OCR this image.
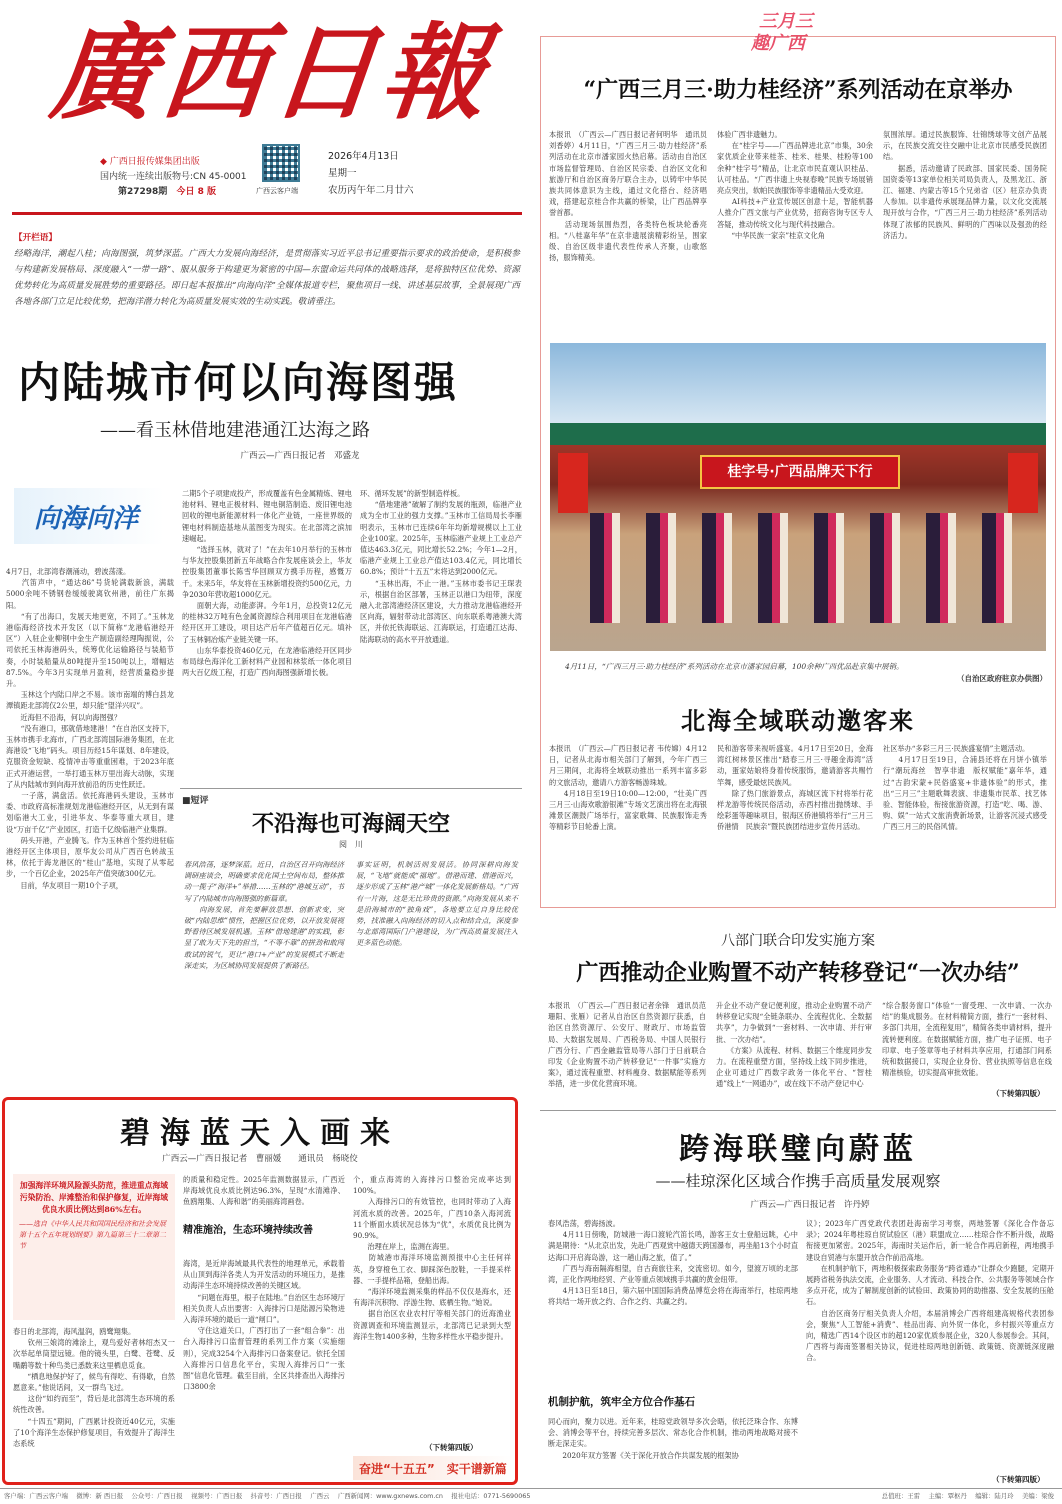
廣西日報
◆ 广西日报传媒集团出版
国内统一连续出版物号:CN 45-0001
第27298期 今日 8 版	广西云客户端
2026年4月13日
星期一
农历丙午年二月廿六
【开栏语】
经略海洋，潮起八桂；向海图强，筑梦深蓝。广西大力发展向海经济，是贯彻落实习近平总书记重要指示要求的政治使命，是积极参与构建新发展格局、深度融入“一带一路”、服从服务于构建更为紧密的中国—东盟命运共同体的战略选择，是将独特区位优势、资源优势转化为高质量发展胜势的重要路径。即日起本报推出“向海向洋”全媒体报道专栏，聚焦项目一线、讲述基层故事，全景展现广西各地各部门立足比较优势，把海洋潜力转化为高质量发展实效的生动实践。敬请垂注。
内陆城市何以向海图强
——看玉林借地建港通江达海之路
广西云—广西日报记者　邓盛龙
向海向洋
4月7日，北部湾春潮涌动，碧波荡漾。
　　汽笛声中，“通达86”号货轮满载新浪，满载5000余吨不锈钢卷缓缓驶离钦州港，前往广东揭阳。
　　“有了出海口，发展天地更宽，不同了。”玉林龙港临海经济技术开发区（以下简称“龙港临港经开区”）入驻企业柳钢中金生产制造副经理陶振说，公司依托玉林海港码头，统筹优化运输路径与装船节奏，小时装船量从80吨提升至150吨以上，增幅达87.5%。今年3月实现单月盈利，经营质量稳步提升。
　　玉林这个内陆口岸之不易。该市南端的博白县龙潭镇距北部湾仅2公里，却只能“望洋兴叹”。
　　近海但不沿海，何以向海图强？
　　“没有港口，那就借地建港！”在自治区支持下，玉林市携手北海市，广西北部湾国际港务集团，在北海港设“飞地”码头。项目历经15年谋划、8年建设，克服资金短缺、疫情冲击等重重困难，于2023年底正式开港运营，一举打通玉林万里出海大动脉，实现了从内陆城市到向海开放前沿的历史性跃迁。
　　一子落，满盘活。依托海港码头建设，玉林市委、市政府高标准规划龙港临港经开区，从无到有谋划临港大工业，引进华友、华泰等重大项目，建设“万亩千亿”产业园区，打造千亿级临港产业集群。
　　码头开港，产业腾飞。作为玉林首个签约进驻临港经开区主体项目，原华友公司从广西百色转战玉林，依托于海龙港区的“桂山”基地，实现了从零起步，一个百亿企业，2025年产值突破300亿元。
　　目前，华友项目一期10个子项，
二期5个子项建成投产，形成覆盖有色金属精炼、锂电池材料、锂电正极材料、锂电铜箔制造、废旧锂电池回收的锂电新能源材料一体化产业链，一座世界级的锂电材料制造基地从蓝图变为现实。在北部湾之滨加速崛起。
　　“选择玉林，就对了！”在去年10月举行的玉林市与华友控股集团新五年战略合作发展座谈会上，华友控股集团董事长陈雪华回顾双方携手历程，感慨万千。未来5年，华友将在玉林新增投资约500亿元，力争2030年营收超1000亿元。
　　面朝大海，动能澎湃。今年1月，总投资12亿元的桂林32万吨有色金属资源综合利用项目在龙港临港经开区开工建设，项目达产后年产值超百亿元。填补了玉林铜冶炼产业链关键一环。
　　山东华泰投资460亿元，在龙港临港经开区同步布局绿色海洋化工新材料产业园和林浆纸一体化项目两大百亿级工程，打造广西向海图强新增长极。
环、循环发展”的新型制造样板。
　　“借地建港”破解了制约发展的瓶颈，临港产业成为全市工业的强力支撑。”玉林市工信局局长李雁明表示，玉林市已连续6年年均新增规模以上工业企业100家。2025年，玉林临港产业规上工业总产值达463.3亿元，同比增长52.2%；今年1—2月，临港产业规上工业总产值达103.4亿元，同比增长60.8%；预计“十五五”末将达到2000亿元。
　　“玉林出海，不止一港。”玉林市委书记王琛表示，根据自治区部署，玉林正以港口为纽带，深度融入北部湾港经济区建设，大力推动龙港临港经开区向海，辐射带动北部湾区、向东联系粤港澳大湾区，并依托铁海联运、江海联运，打造通江达海、陆海联动的高水平开放通道。
■短评
不沿海也可海阔天空
阅　川
春风浩荡，逐梦深蓝。近日，自治区召开向海经济调研座谈会，明确要求优化国土空间布局，整体推动一揽子“海洋+”举措……玉林的“港城互动”，书写了内陆城市向海图强的新篇章。
　　向海发展，首先要解放思想、创新求变，突破“内陆思维”惯性，把握区位优势，以开放发展视野看待区域发展机遇。玉林“借地建港”的实践，彰显了敢为天下先的担当，“不等不靠”的拼劲和敢闯敢试的锐气，更让“港口+产业”的发展模式不断走深走实，为区域协同发展提供了新路径。
事实证明，机制活则发展活。协同深耕向海发展，“飞地”就能成“福地”。借港而建、借港而兴，逐步形成了玉林“港产城”一体化发展新格局。“广西有一片海，这是无比珍贵的资源。”向海发展从来不是沿海城市的“独角戏”，各地要立足自身比较优势，找准融入向海经济的切入点和结合点，深度参与北部湾国际门户港建设，为广西高质量发展注入更多蓝色动能。
碧海蓝天入画来
广西云—广西日报记者　曹丽媛　　通讯员　杨晓佼
加强海洋环境风险源头防范，推进重点海域污染防治、岸滩整治和保护修复，近岸海域优良水质比例达到86%左右。
——选自《中华人民共和国国民经济和社会发展第十五个五年规划纲要》第九篇第三十二章第二节
春日的北部湾，海风温润，鸥鹭翔集。
　　钦州三娘湾的滩涂上，观鸟爱好者林绍杰又一次举起单筒望远镜。他的镜头里，白鹭、苍鹭、反嘴鹬等数十种鸟类已悉数来这里栖息觅食。
　　“栖息地保护好了，候鸟有得吃、有得歇，自然愿意来。”他说话间，又一群鸟飞过。
　　这份“如约而至”，背后是北部湾生态环境的系统性改善。
　　“十四五”期间，广西累计投资近40亿元，实施了10个海洋生态保护修复项目，有效提升了海洋生态系统
的质量和稳定性。2025年监测数据显示，广西近岸海域优良水质比例达96.3%，呈现“水清滩净、鱼鸥翔集、人海和谐”的美丽海湾画卷。
精准施治，生态环境持续改善
海湾，是近岸海域最具代表性的地理单元，承载着从山顶到海洋各类人为开发活动的环境压力，是推动海洋生态环境持续改善的关键区域。
　　“问题在海里，根子在陆地。”自治区生态环境厅相关负责人点出要害：入海排污口是陆源污染物进入海洋环境的最后一道“闸口”。
　　守住这道关口，广西打出了一套“组合拳”：出台入海排污口监督管理的系列工作方案（实施细则），完成3254个入海排污口备案登记。依托全国入海排污口信息化平台，实现入海排污口“一张图”信息化管理。截至目前，全区共排查出入海排污口3800余
个，重点海湾的入海排污口整治完成率达到100%。
　　入海排污口的有效管控，也同时带动了入海河流水质的改善。2025年，广西10条入海河流11个断面水质状况总体为“优”，水质优良比例为90.9%。
　　治理在岸上，监测在海里。
　　防城港市海洋环境监测预报中心主任何祥英，身穿橙色工衣、脚踩深色胶鞋，一手提采样器、一手提样品箱，登船出海。
　　“海洋环境监测采集的样品不仅仅是海水，还有海洋沉积物、浮游生物、底栖生物。”她说。
　　据自治区农业农村厅等相关部门的近海渔业资源调查和环境监测显示，北部湾已记录到大型海洋生物1400多种，生物多样性水平稳步提升。
（下转第四版）
奋进“十五五”　实干谱新篇
三月三
趣广西
“广西三月三·助力桂经济”系列活动在京举办
本报讯　（广西云—广西日报记者何明华　通讯员刘香婷）4月11日，“广西三月三·助力桂经济”系列活动在北京市潘家园火热启幕。活动由自治区市场监督管理局、自治区民宗委、自治区文化和旅游厅和自治区商务厅联合主办，以铸牢中华民族共同体意识为主线，通过文化搭台、经济唱戏，搭建起京桂合作共赢的桥梁，让广西品牌享誉首都。
　　活动现场氛围热烈，各类特色板块轮番亮相。“八桂嘉年华”在京非遗展演精彩纷呈，围家级、自治区级非遗代表性传承人齐聚，山歌悠扬，服饰精美。
体验广西非遗魅力。
　　在“桂字号——广西品牌进北京”市集，30余家优质企业带来桂茶、桂米、桂果、桂粉等100余种“桂字号”精品，让北京市民直观认识桂品、认可桂品。“广西非遗上央视春晚”民族专场展销亮点突出，软帕民族服饰等非遗精品大受欢迎。
　　AI科技+产业宣传展区创意十足，智能机器人推介广西文旅与产业优势，招商咨询专区专人答疑，推动传统文化与现代科技融合。
　　“中华民族一家亲”桂京文化角
氛围浓厚。通过民族服饰、壮锦绣球等文创产品展示，在民族交流交往交融中让北京市民感受民族团结。
　　据悉，活动邀请了民政部、国家民委、国务院国资委等13家单位相关司局负责人，及黑龙江、浙江、福建、内蒙古等15个兄弟省（区）驻京办负责人参加。以非遗传承展现品牌力量，以文化交流展现开放与合作，“广西三月三·助力桂经济”系列活动体现了浓郁的民族风、鲜明的广西味以及强劲的经济活力。
桂字号·广西品牌天下行
4月11日，“广西三月三·助力桂经济”系列活动在北京市潘家园启幕，100余种广西优品赴京集中展销。
（自治区政府驻京办供图）
北海全域联动邀客来
本报讯　（广西云—广西日报记者 韦传嫦）4月12日，记者从北海市相关部门了解到，今年广西三月三期间，北海将全域联动推出一系列丰富多彩的文旅活动，邀请八方游客畅游珠城。
　　4月18日至19日10:00—12:00，“壮美广西 三月三·山海欢歌游银滩”专场文艺演出将在北海银滩景区潮鼓广场举行，富家歌舞、民族服饰走秀等精彩节目轮番上演。
民和游客带来视听盛宴。4月17日至20日，金海湾红树林景区推出“踏春三月三·寻趣金海湾”活动，蛋家姑娘将身着传统服饰，邀请游客共赐竹竿舞，感受最炫民族风。
　　除了热门旅游景点，海城区流下村将举行花样龙游等传统民俗活动，赤西村推出抛绣球、手绘彩蛋等趣味项目，银海区侨港镇将举行“三月三　侨港情　民族亲”暨民族团结进步宣传月活动。
社区举办“多彩三月三·民族盛宴情”主题活动。
　　4月17日至19日，合浦县还将在月饼小镇举行“潮玩海丝　智享非遗　版权赋能”嘉年华，通过“古韵宋蒙+民俗盛宴+非遗体验”的形式，推出“三月三”主题歌舞表演、非遗集市民革、找艺体验、智能体验，衔接旅游资源，打造“吃、喝、游、购、娱”一站式文旅消费新场景，让游客沉浸式感受广西三月三的民俗风情。
八部门联合印发实施方案
广西推动企业购置不动产转移登记“一次办结”
本报讯　（广西云—广西日报记者余锋　通讯员范珊阳、张雁）记者从自治区自然资源厅获悉，自治区自然资源厅、公安厅、财政厅、市场监管局、大数据发展局、广西税务局、中国人民银行广西分行、广西金融监管局等八部门于日前联合印发《企业购置不动产转移登记“一件事”实施方案》，通过流程重塑、材料瘦身、数据赋能等系列举措，进一步优化营商环境。
升企业不动产登记便利度，推动企业购置不动产转移登记实现“全链条联办、全流程优化、全数据共享”，力争做到“一套材料、一次申请、并行审批、一次办结”。
　　《方案》从流程、材料、数据三个维度同步发力。在流程重塑方面，坚持线上线下同步推进，企业可通过广西数字政务一体化平台、“智桂通”线上“一网通办”，或在线下不动产登记中心
“综合服务窗口”体验“一窗受理、一次申请、一次办结”的集成服务。在材料精简方面，推行“一套材料、多部门共用，全流程复用”，精简各类申请材料，提升流转便利度。在数据赋能方面，推广电子证照、电子印章、电子签章等电子材料共享应用，打通部门间系统和数据接口，实现企业身份、营业执照等信息在线精准核验，切实提高审批效能。
（下转第四版）
跨海联璧向蔚蓝
——桂琼深化区域合作携手高质量发展观察
广西云—广西日报记者　许丹婷
春风浩荡，碧海扬波。
　　4月11日傍晚，防城港一海口渡轮汽笛长鸣，游客王女士登船远眺，心中满是期待：“从北京出发，先赴广西观赏中越德天跨国瀑布，再坐船13个小时直达海口开启海岛游，这一趟山海之旅，值了。”
　　广西与海南隔海相望，自古商旅往来，交流密切。如今，望渡万顷的北部湾，正化作两地经贸、产业等重点领域携手共赢的黄金纽带。
　　4月13日至18日，第六届中国国际消费品博览会将在海南举行，桂琼两地将共结一场开放之约、合作之约、共赢之约。
机制护航，筑牢全方位合作基石
同心而向，聚力以进。近年来，桂琼党政领导多次会晤，依托泛珠合作、东博会、消博会等平台，持续完善多层次、常态化合作机制，推动两地战略对接不断走深走实。
　　2020年双方签署《关于深化开放合作共谋发展的框架协
议》；2023年广西党政代表团赴海南学习考察，两地签署《深化合作备忘录》；2024年粤桂琼自贸试验区（港）联盟成立……桂琼合作不断升级，战略衔接更加紧密。2025年，海南时关运作后，新一轮合作再启新程，两地携手建设自贸港与东盟开放合作前沿高地。
　　在机制护航下，两地积极探索政务服务“跨省通办”让群众少跑腿，定期开展跨省税务执法交流，企业服务、人才流动、科技合作、公共服务等领域合作多点开花，成为了解制度创新的试验田、政策协同的助推器、安全发展的压舱石。
　　自治区商务厅相关负责人介绍，本届消博会广西将组建高规格代表团参会，聚焦“人工智能+消费”、桂品出海、向外贸一体化，乡村振兴等重点方向，精选广西14个设区市的超120家优质参展企业，320人参展参会。其间，广西将与海南签署相关协议，促进桂琼两地创新链、政策链、资源链深度融合。
（下转第四版）
客户端：广西云客户端　 微博：新 西日报　 公众号：广西日报　 视频号：广西日报　 抖音号：广西日报　 广西云　 广西新闻网：www.gxnews.com.cn　 报社电话：0771-5690065	总值班：王雷　 主编：覃枢丹　 编辑：陆月玲　 美编：梁俊
